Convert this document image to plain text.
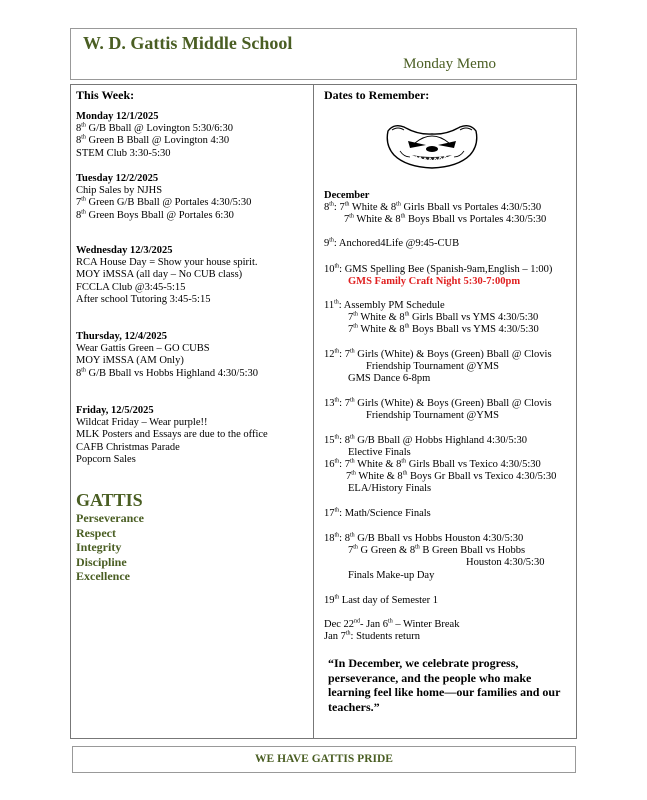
W. D. Gattis Middle School
Monday Memo
This Week:
Monday 12/1/2025
8th G/B Bball @ Lovington 5:30/6:30
8th Green B Bball @ Lovington 4:30
STEM Club 3:30-5:30
Tuesday 12/2/2025
Chip Sales by NJHS
7th Green G/B Bball @ Portales 4:30/5:30
8th Green Boys Bball @ Portales 6:30
Wednesday 12/3/2025
RCA House Day = Show your house spirit.
MOY iMSSA (all day – No CUB class)
FCCLA Club @3:45-5:15
After school Tutoring 3:45-5:15
Thursday, 12/4/2025
Wear Gattis Green – GO CUBS
MOY iMSSA (AM Only)
8th G/B Bball vs Hobbs Highland 4:30/5:30
Friday, 12/5/2025
Wildcat Friday – Wear purple!!
MLK Posters and Essays are due to the office
CAFB Christmas Parade
Popcorn Sales
GATTIS
Perseverance
Respect
Integrity
Discipline
Excellence
Dates to Remember:
December
8th: 7th White & 8th Girls Bball vs Portales 4:30/5:30
7th White & 8th Boys Bball vs Portales 4:30/5:30
9th: Anchored4Life @9:45-CUB
10th: GMS Spelling Bee (Spanish-9am,English – 1:00)
GMS Family Craft Night 5:30-7:00pm
11th: Assembly PM Schedule
7th White & 8th Girls Bball vs YMS 4:30/5:30
7th White & 8th Boys Bball vs YMS 4:30/5:30
12th: 7th Girls (White) & Boys (Green) Bball @ Clovis
Friendship Tournament @YMS
GMS Dance 6-8pm
13th: 7th Girls (White) & Boys (Green) Bball @ Clovis
Friendship Tournament @YMS
15th: 8th G/B Bball @ Hobbs Highland 4:30/5:30
Elective Finals
16th: 7th White & 8th Girls Bball vs Texico 4:30/5:30
7th White & 8th Boys Gr Bball vs Texico 4:30/5:30
ELA/History Finals
17th: Math/Science Finals
18th: 8th G/B Bball vs Hobbs Houston 4:30/5:30
7th G Green & 8th B Green Bball vs Hobbs
Houston 4:30/5:30
Finals Make-up Day
19th Last day of Semester 1
Dec 22nd- Jan 6th – Winter Break
Jan 7th: Students return
“In December, we celebrate progress, perseverance, and the people who make learning feel like home—our families and our teachers.”
WE HAVE GATTIS PRIDE
